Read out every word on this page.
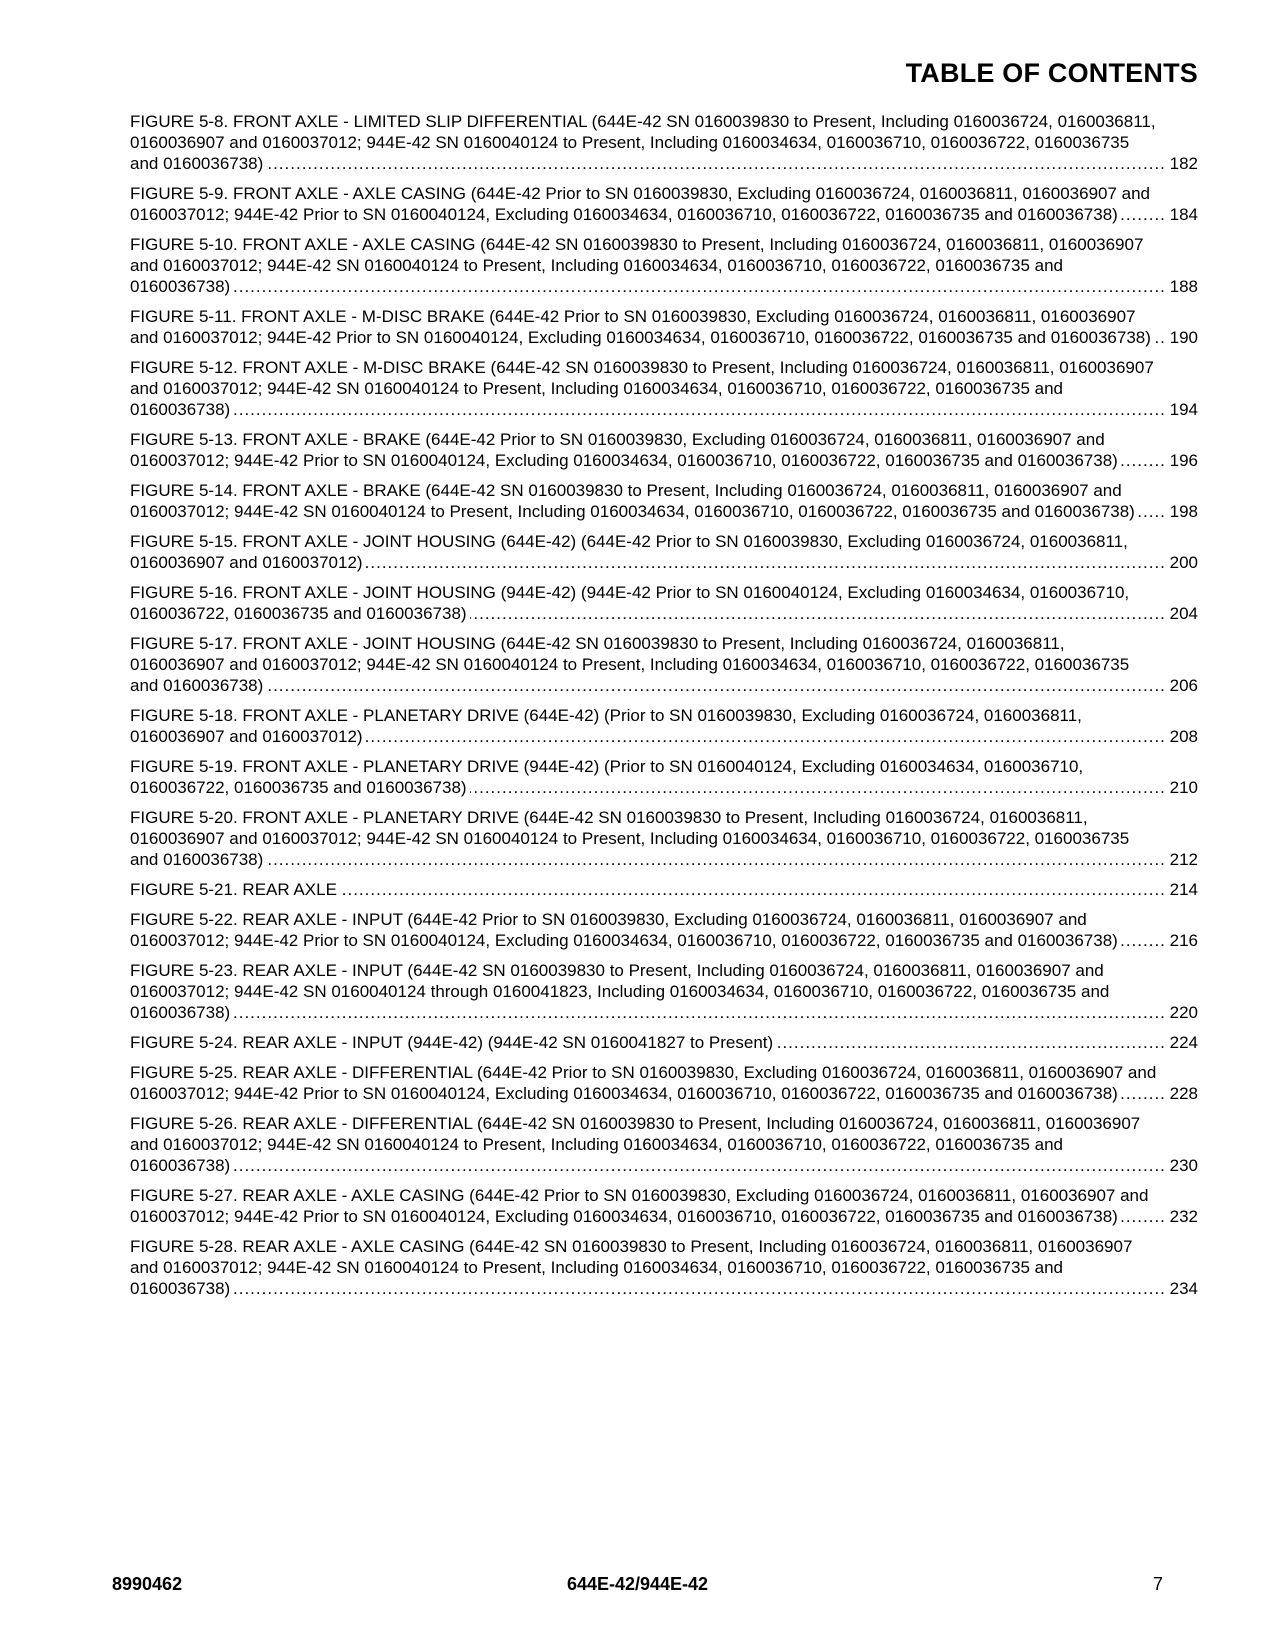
TABLE OF CONTENTS
FIGURE 5-8. FRONT AXLE - LIMITED SLIP DIFFERENTIAL (644E-42 SN 0160039830 to Present, Including 0160036724, 0160036811, 0160036907 and 0160037012; 944E-42 SN 0160040124 to Present, Including 0160034634, 0160036710, 0160036722, 0160036735 and 0160036738) .....	182
FIGURE 5-9. FRONT AXLE - AXLE CASING (644E-42 Prior to SN 0160039830, Excluding 0160036724, 0160036811, 0160036907 and 0160037012; 944E-42 Prior to SN 0160040124, Excluding 0160034634, 0160036710, 0160036722, 0160036735 and 0160036738) .....	184
FIGURE 5-10. FRONT AXLE - AXLE CASING (644E-42 SN 0160039830 to Present, Including 0160036724, 0160036811, 0160036907 and 0160037012; 944E-42 SN 0160040124 to Present, Including 0160034634, 0160036710, 0160036722, 0160036735 and 0160036738) .....	188
FIGURE 5-11. FRONT AXLE - M-DISC BRAKE (644E-42 Prior to SN 0160039830, Excluding 0160036724, 0160036811, 0160036907 and 0160037012; 944E-42 Prior to SN 0160040124, Excluding 0160034634, 0160036710, 0160036722, 0160036735 and 0160036738) .....	190
FIGURE 5-12. FRONT AXLE - M-DISC BRAKE (644E-42 SN 0160039830 to Present, Including 0160036724, 0160036811, 0160036907 and 0160037012; 944E-42 SN 0160040124 to Present, Including 0160034634, 0160036710, 0160036722, 0160036735 and 0160036738) .....	194
FIGURE 5-13. FRONT AXLE - BRAKE (644E-42 Prior to SN 0160039830, Excluding 0160036724, 0160036811, 0160036907 and 0160037012; 944E-42 Prior to SN 0160040124, Excluding 0160034634, 0160036710, 0160036722, 0160036735 and 0160036738) .....	196
FIGURE 5-14. FRONT AXLE - BRAKE (644E-42 SN 0160039830 to Present, Including 0160036724, 0160036811, 0160036907 and 0160037012; 944E-42 SN 0160040124 to Present, Including 0160034634, 0160036710, 0160036722, 0160036735 and 0160036738) .....	198
FIGURE 5-15. FRONT AXLE - JOINT HOUSING (644E-42) (644E-42 Prior to SN 0160039830, Excluding 0160036724, 0160036811, 0160036907 and 0160037012) .....	200
FIGURE 5-16. FRONT AXLE - JOINT HOUSING (944E-42) (944E-42 Prior to SN 0160040124, Excluding 0160034634, 0160036710, 0160036722, 0160036735 and 0160036738) .....	204
FIGURE 5-17. FRONT AXLE - JOINT HOUSING (644E-42 SN 0160039830 to Present, Including 0160036724, 0160036811, 0160036907 and 0160037012; 944E-42 SN 0160040124 to Present, Including 0160034634, 0160036710, 0160036722, 0160036735 and 0160036738) .....	206
FIGURE 5-18. FRONT AXLE - PLANETARY DRIVE (644E-42) (Prior to SN 0160039830, Excluding 0160036724, 0160036811, 0160036907 and 0160037012) .....	208
FIGURE 5-19. FRONT AXLE - PLANETARY DRIVE (944E-42) (Prior to SN 0160040124, Excluding 0160034634, 0160036710, 0160036722, 0160036735 and 0160036738) .....	210
FIGURE 5-20. FRONT AXLE - PLANETARY DRIVE (644E-42 SN 0160039830 to Present, Including 0160036724, 0160036811, 0160036907 and 0160037012; 944E-42 SN 0160040124 to Present, Including 0160034634, 0160036710, 0160036722, 0160036735 and 0160036738) .....	212
FIGURE 5-21. REAR AXLE .....	214
FIGURE 5-22. REAR AXLE - INPUT (644E-42 Prior to SN 0160039830, Excluding 0160036724, 0160036811, 0160036907 and 0160037012; 944E-42 Prior to SN 0160040124, Excluding 0160034634, 0160036710, 0160036722, 0160036735 and 0160036738) .....	216
FIGURE 5-23. REAR AXLE - INPUT (644E-42 SN 0160039830 to Present, Including 0160036724, 0160036811, 0160036907 and 0160037012; 944E-42 SN 0160040124 through 0160041823, Including 0160034634, 0160036710, 0160036722, 0160036735 and 0160036738) .....	220
FIGURE 5-24. REAR AXLE - INPUT (944E-42) (944E-42 SN 0160041827 to Present) .....	224
FIGURE 5-25. REAR AXLE - DIFFERENTIAL (644E-42 Prior to SN 0160039830, Excluding 0160036724, 0160036811, 0160036907 and 0160037012; 944E-42 Prior to SN 0160040124, Excluding 0160034634, 0160036710, 0160036722, 0160036735 and 0160036738) .....	228
FIGURE 5-26. REAR AXLE - DIFFERENTIAL (644E-42 SN 0160039830 to Present, Including 0160036724, 0160036811, 0160036907 and 0160037012; 944E-42 SN 0160040124 to Present, Including 0160034634, 0160036710, 0160036722, 0160036735 and 0160036738) .....	230
FIGURE 5-27. REAR AXLE - AXLE CASING (644E-42 Prior to SN 0160039830, Excluding 0160036724, 0160036811, 0160036907 and 0160037012; 944E-42 Prior to SN 0160040124, Excluding 0160034634, 0160036710, 0160036722, 0160036735 and 0160036738) .....	232
FIGURE 5-28. REAR AXLE - AXLE CASING (644E-42 SN 0160039830 to Present, Including 0160036724, 0160036811, 0160036907 and 0160037012; 944E-42 SN 0160040124 to Present, Including 0160034634, 0160036710, 0160036722, 0160036735 and 0160036738) .....	234
8990462	644E-42/944E-42	7
